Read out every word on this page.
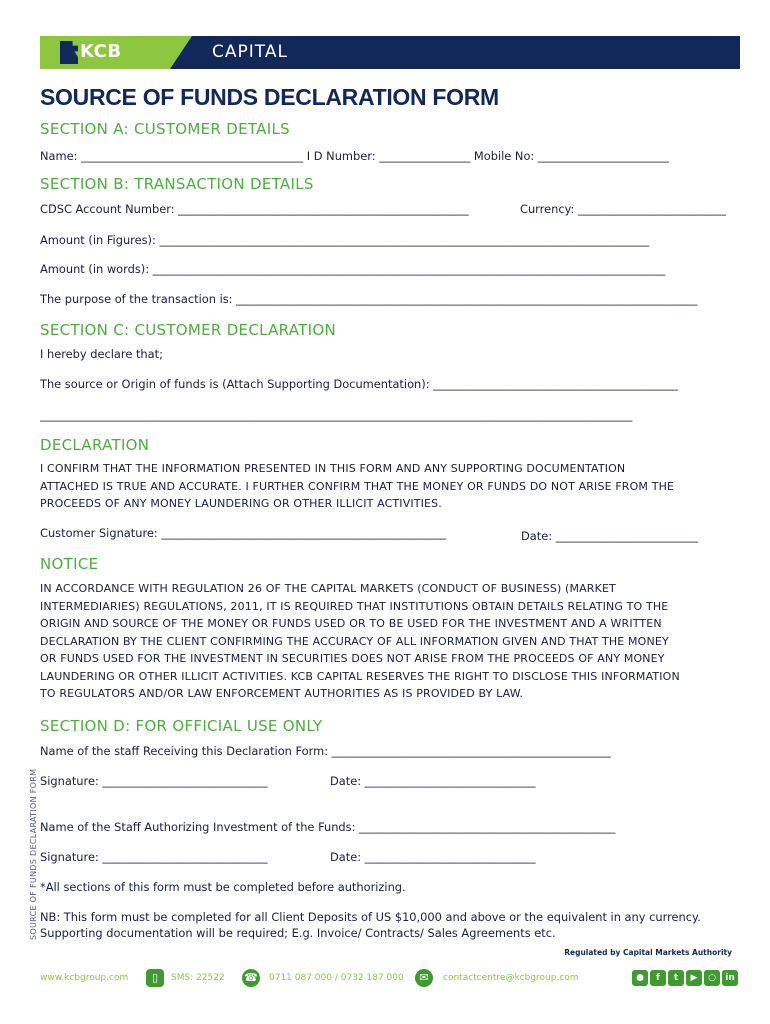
KCB	CAPITAL
SOURCE OF FUNDS DECLARATION FORM
SECTION A: CUSTOMER DETAILS
Name: _______________________________________ I D Number: ________________ Mobile No: _______________________
SECTION B: TRANSACTION DETAILS
CDSC Account Number: ___________________________________________________	Currency: __________________________
Amount (in Figures): ______________________________________________________________________________________
Amount (in words): __________________________________________________________________________________________
The purpose of the transaction is: _________________________________________________________________________________
SECTION C: CUSTOMER DECLARATION
I hereby declare that;
The source or Origin of funds is (Attach Supporting Documentation): ___________________________________________
________________________________________________________________________________________________________
DECLARATION
I CONFIRM THAT THE INFORMATION PRESENTED IN THIS FORM AND ANY SUPPORTING DOCUMENTATION
ATTACHED IS TRUE AND ACCURATE. I FURTHER CONFIRM THAT THE MONEY OR FUNDS DO NOT ARISE FROM THE
PROCEEDS OF ANY MONEY LAUNDERING OR OTHER ILLICIT ACTIVITIES.
Customer Signature: __________________________________________________	Date: _________________________
NOTICE
IN ACCORDANCE WITH REGULATION 26 OF THE CAPITAL MARKETS (CONDUCT OF BUSINESS) (MARKET
INTERMEDIARIES) REGULATIONS, 2011, IT IS REQUIRED THAT INSTITUTIONS OBTAIN DETAILS RELATING TO THE
ORIGIN AND SOURCE OF THE MONEY OR FUNDS USED OR TO BE USED FOR THE INVESTMENT AND A WRITTEN
DECLARATION BY THE CLIENT CONFIRMING THE ACCURACY OF ALL INFORMATION GIVEN AND THAT THE MONEY
OR FUNDS USED FOR THE INVESTMENT IN SECURITIES DOES NOT ARISE FROM THE PROCEEDS OF ANY MONEY
LAUNDERING OR OTHER ILLICIT ACTIVITIES. KCB CAPITAL RESERVES THE RIGHT TO DISCLOSE THIS INFORMATION
TO REGULATORS AND/OR LAW ENFORCEMENT AUTHORITIES AS IS PROVIDED BY LAW.
SECTION D: FOR OFFICIAL USE ONLY
Name of the staff Receiving this Declaration Form: _________________________________________________
Signature: _____________________________	Date: ______________________________
Name of the Staff Authorizing Investment of the Funds: _____________________________________________
Signature: _____________________________	Date: ______________________________
*All sections of this form must be completed before authorizing.
NB: This form must be completed for all Client Deposits of US $10,000 and above or the equivalent in any currency.
Supporting documentation will be required; E.g. Invoice/ Contracts/ Sales Agreements etc.
SOURCE OF FUNDS DECLARATION FORM
Regulated by Capital Markets Authority
www.kcbgroup.com	▯	SMS: 22522 ☎ 0711 087 000 / 0732 187 000	✉	contactcentre@kcbgroup.com	●	f	t	▶	○	in
